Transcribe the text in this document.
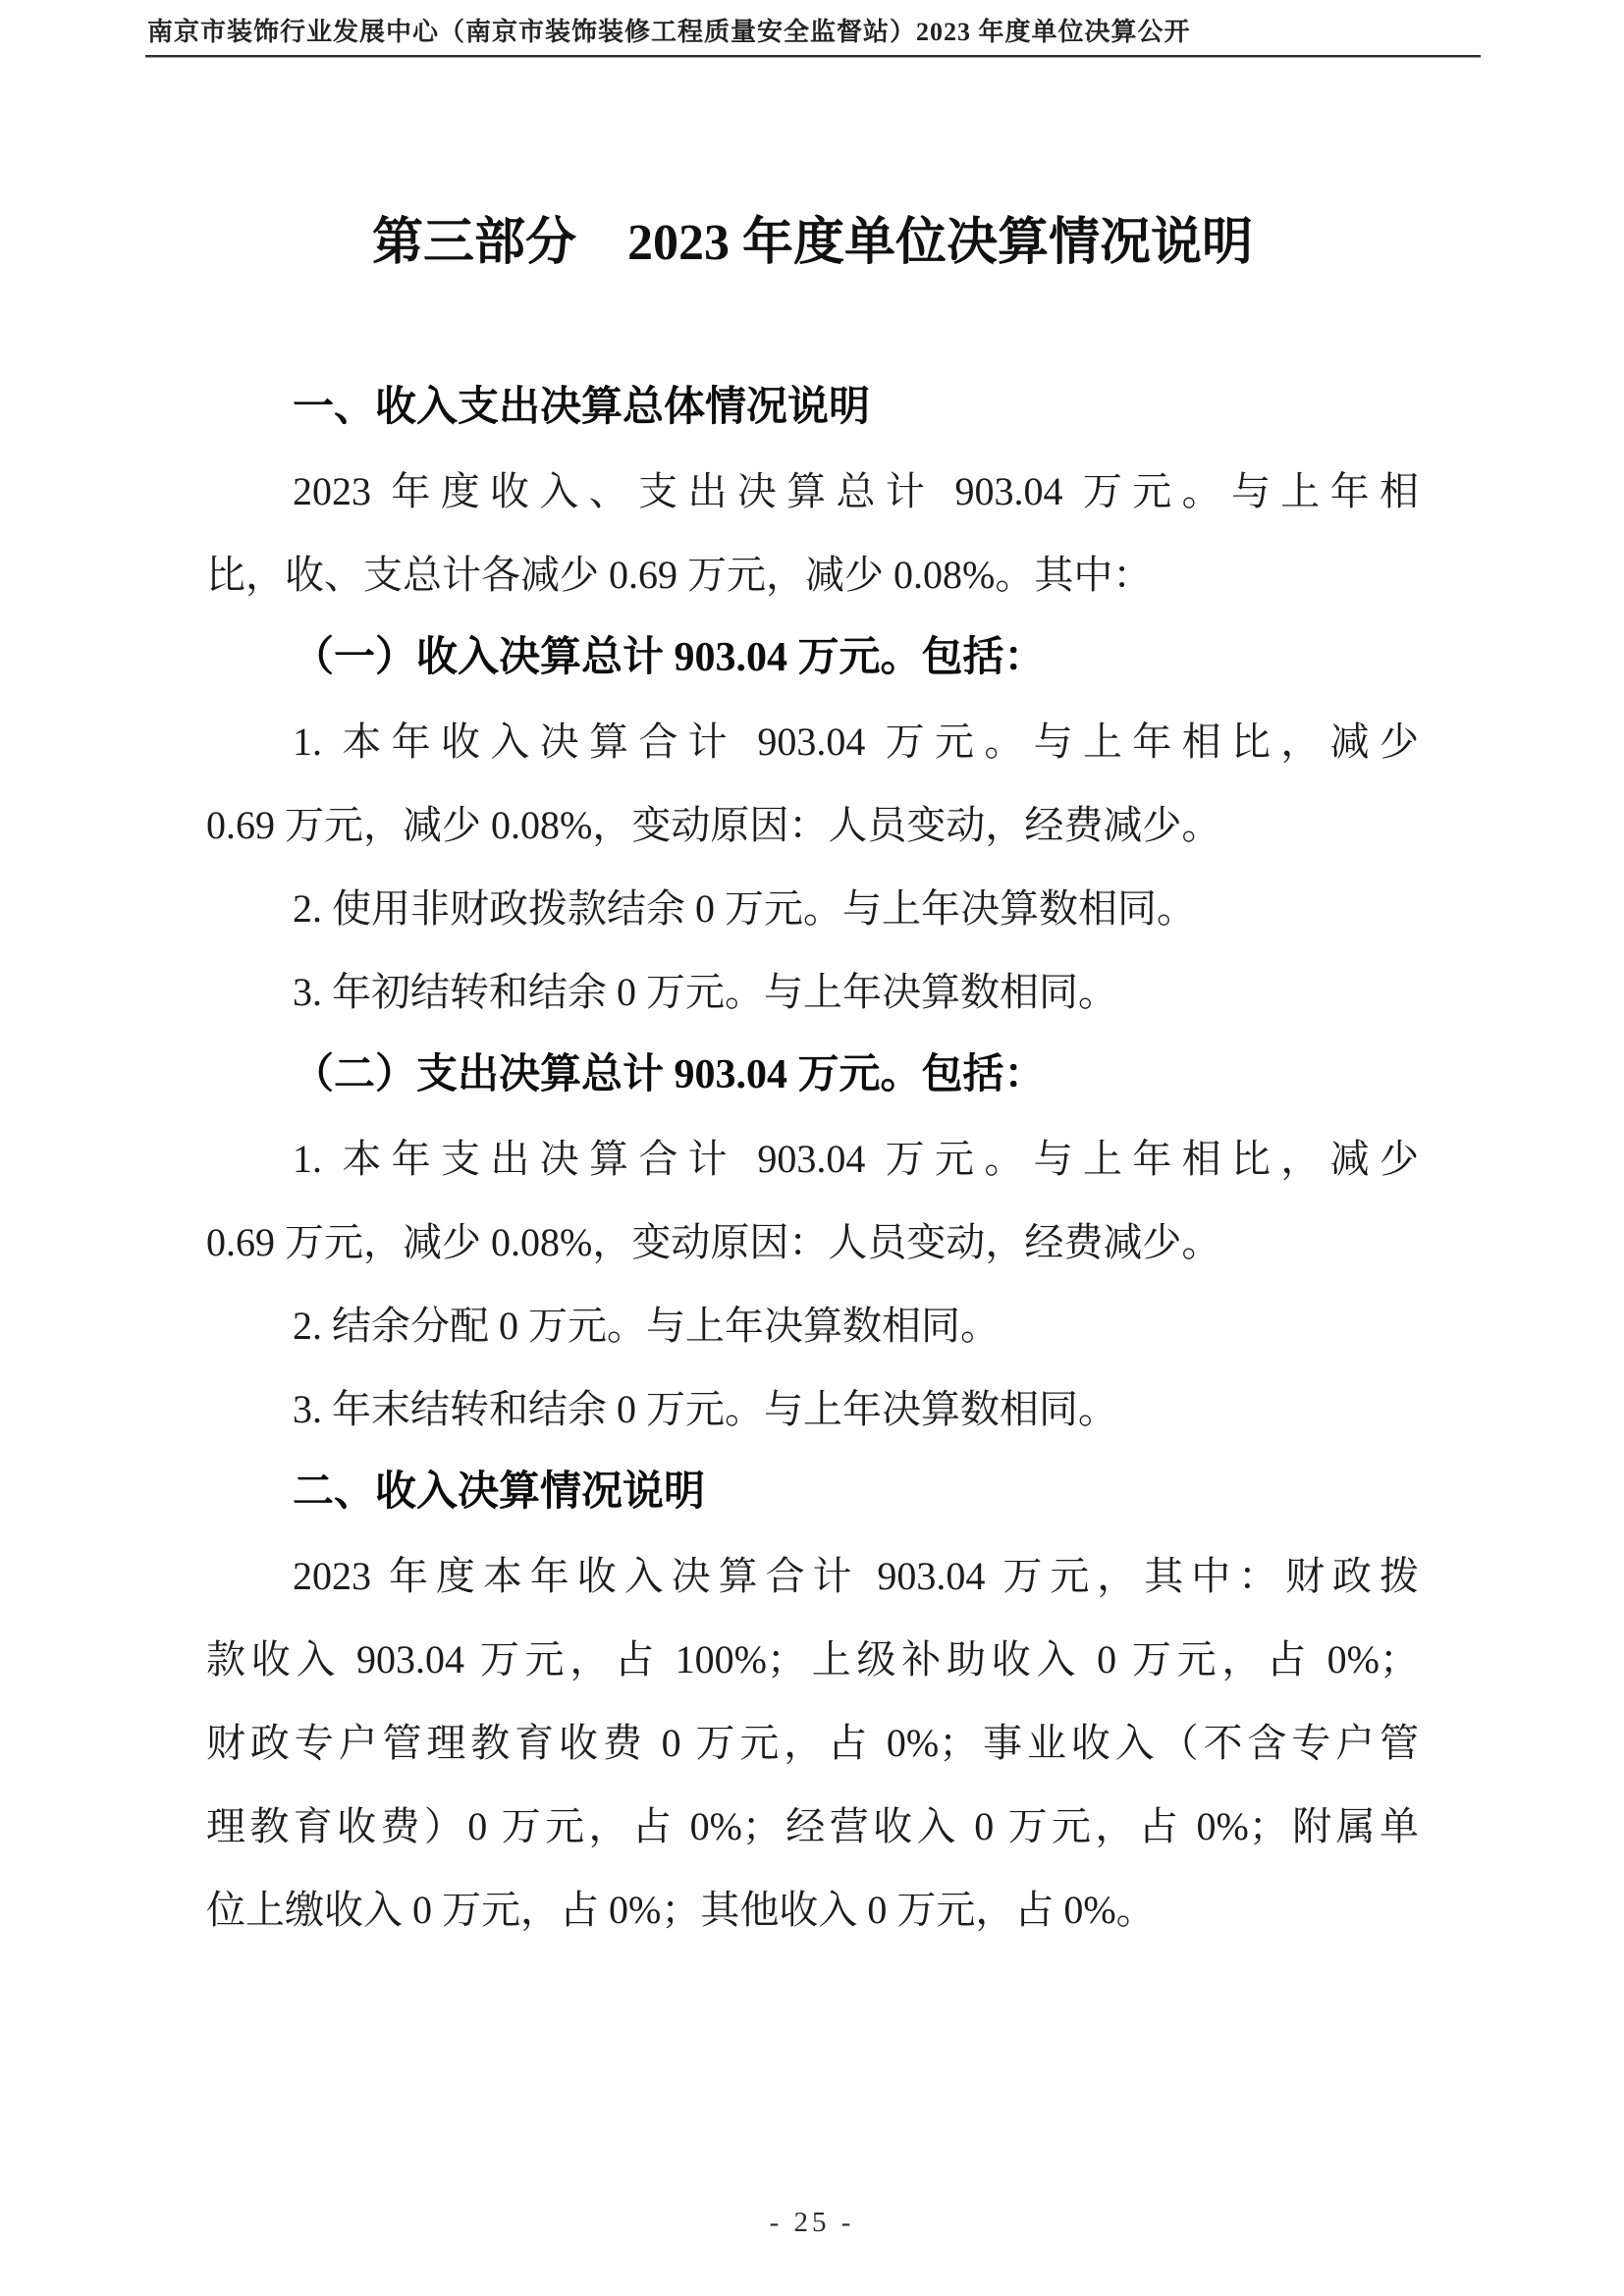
南京市装饰行业发展中心（南京市装饰装修工程质量安全监督站）2023 年度单位决算公开
第三部分　2023 年度单位决算情况说明
一、收入支出决算总体情况说明
2023 年度收入、支出决算总计 903.04 万元。与上年相
比，收、支总计各减少 0.69 万元，减少 0.08%。其中：
（一）收入决算总计 903.04 万元。包括：
1. 本年收入决算合计 903.04 万元。与上年相比，减少
0.69 万元，减少 0.08%，变动原因：人员变动，经费减少。
2. 使用非财政拨款结余 0 万元。与上年决算数相同。
3. 年初结转和结余 0 万元。与上年决算数相同。
（二）支出决算总计 903.04 万元。包括：
1. 本年支出决算合计 903.04 万元。与上年相比，减少
0.69 万元，减少 0.08%，变动原因：人员变动，经费减少。
2. 结余分配 0 万元。与上年决算数相同。
3. 年末结转和结余 0 万元。与上年决算数相同。
二、收入决算情况说明
2023 年度本年收入决算合计 903.04 万元，其中：财政拨
款收入 903.04 万元，占 100%；上级补助收入 0 万元，占 0%；
财政专户管理教育收费 0 万元，占 0%；事业收入（不含专户管
理教育收费）0 万元，占 0%；经营收入 0 万元，占 0%；附属单
位上缴收入 0 万元，占 0%；其他收入 0 万元，占 0%。
- 25 -
